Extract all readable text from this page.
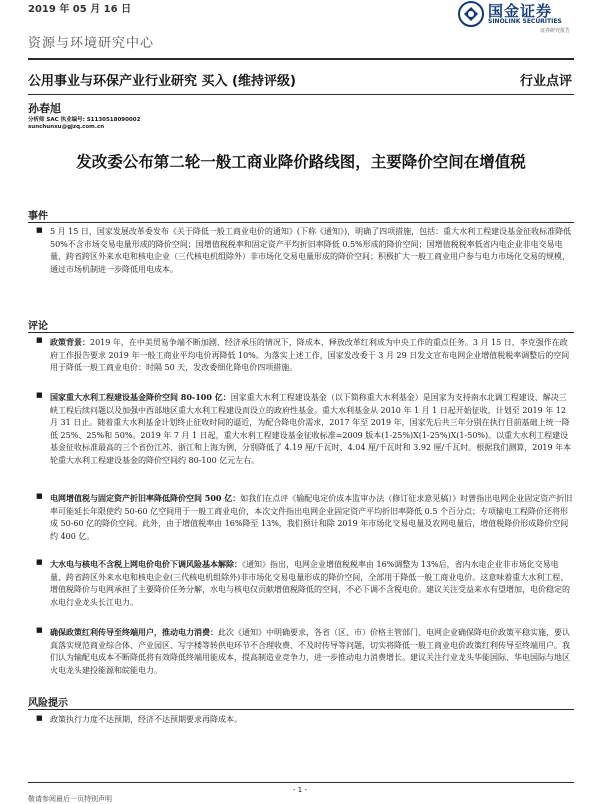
2019 年 05 月 16 日	国金证券
SINOLINK SECURITIES
证券研究报告
资源与环境研究中心
公用事业与环保产业行业研究 买入 (维持评级)	行业点评
孙春旭
分析师 SAC 执业编号: S1130518090002
sunchunxu@gjzq.com.cn
发改委公布第二轮一般工商业降价路线图，主要降价空间在增值税
事件
■ 5 月 15 日，国家发展改革委发布《关于降低一般工商业电价的通知》(下称《通知》)，明确了四项措施，包括：重大水利工程建设基金征收标准降低 50%不含市场交易电量形成的降价空间；国增值税税率和固定资产平均折旧率降低 0.5%形成的降价空间；国增值税税率低省内电企业非电交易电量、跨省跨区外来水电和核电企业（三代核电机组除外）非市场化交易电量形成的降价空间；积极扩大一般工商业用户参与电力市场化交易的规模，通过市场机制进一步降低用电成本。
评论
■ 政策背景：2019 年，在中美贸易争端不断加剧、经济承压的情况下，降成本、释放改革红利成为中央工作的重点任务。3 月 15 日，李克强作在政府工作报告要求 2019 年一般工商业平均电价再降低 10%。为落实上述工作，国家发改委于 3 月 29 日发文宣布电网企业增值税税率调整后的空间用于降低一般工商业电价：时隔 50 天，发改委细化降电价四项措施。
■ 国家重大水利工程建设基金降价空间 80-100 亿：国家重大水利工程建设基金（以下简称重大水利基金）是国家为支持南水北调工程建设、解决三峡工程后续问题以及加强中西部地区重大水利工程建设而设立的政府性基金。重大水利基金从 2010 年 1 月 1 日起开始征收，计划至 2019 年 12 月 31 日止。随着重大水利基金计划终止征收时间的逼近，为配合降电价需求，2017 年至 2019 年，国家先后共三年分别在执行目前基础上统一降低 25%、25%和 50%。2019 年 7 月 1 日起，重大水利工程建设基金征收标准=2009 版本(1-25%)X(1-25%)X(1-50%)。以重大水利工程建设基金征收标准最高的三个省份江苏、浙江和上海为例，分别降低了 4.19 厘/千瓦时、4.04 厘/千瓦时和 3.92 厘/千瓦时。根据我们测算，2019 年本轮重大水利工程建设基金的降价空间约 80-100 亿元左右。
■ 电网增值税与固定资产折旧率降低降价空间 500 亿：如我们在点评《输配电定价成本监审办法（修订征求意见稿）》时曾指出电网企业固定资产折旧率可能延长年限使约 50-60 亿空间用于一般工商业电价，本次文件指出电网企业固定资产平均折旧率降低 0.5 个百分点；专项输电工程降价还将形成 50-60 亿的降价空间。此外，由于增值税率由 16%降至 13%，我们预计和除 2019 年市场化交易电量及农网电量后，增值税降价形成降价空间约 400 亿。
■ 大水电与核电不含税上网电价电价下调风险基本解除：《通知》指出，电网企业增值税税率由 16%调整为 13%后，省内水电企业非市场化交易电量、跨省跨区外来水电和核电企业(三代核电机组除外)非市场化交易电量形成的降价空间，全部用于降低一般工商业电价。这意味着重大水利工程、增值税降价与电网承担了主要降价任务分解，水电与核电仅贡献增值税降低的空间，不必下调不含税电价。建议关注受益来水有望增加，电价稳定的水电行业龙头长江电力。
■ 确保政策红利传导至终端用户，推动电力消费：此次《通知》中明确要求，各省（区、市）价格主管部门、电网企业确保降电价政策平稳实施，要认真落实规范商业综合体、产业园区、写字楼等转供电环节不合理收费、不及时传导等问题，切实将降低一般工商业电价政策红利传导至终端用户。我们认为输配电成本不断降低将有效降低终端用能成本，提高制造业竞争力，进一步推动电力消费增长。建议关注行业龙头华能国际、华电国际与地区火电龙头建投能源和皖能电力。
风险提示
■ 政策执行力度不达预期，经济不达预期要求再降成本。
- 1 -
敬请参阅最后一页特别声明
